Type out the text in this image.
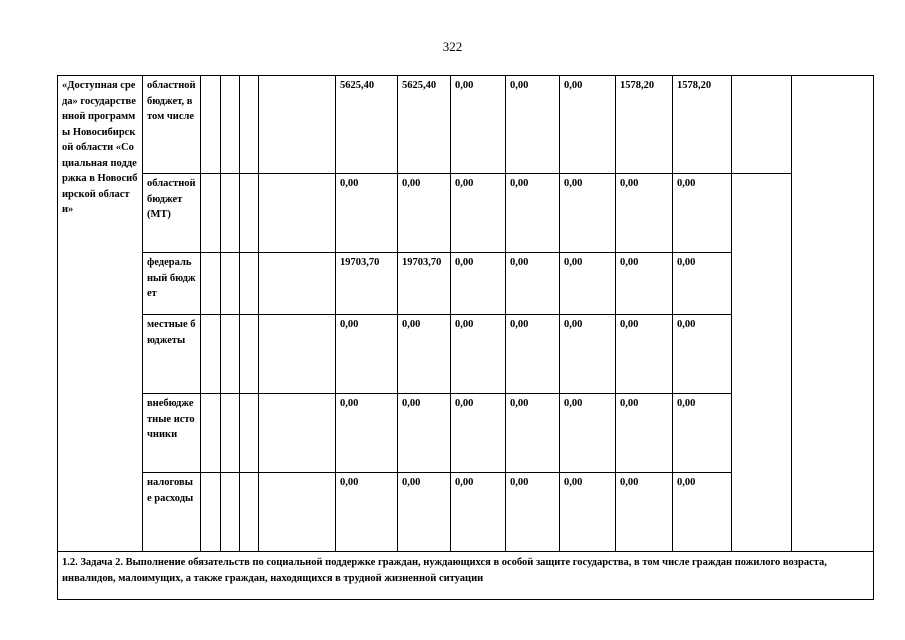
322
«Доступная среда» государственной программы Новосибирской области «Социальная поддержка в Новосибирской области»	областной бюджет, в том числе					5625,40	5625,40	0,00	0,00	0,00	1578,20	1578,20		
	областной бюджет (МТ)					0,00	0,00	0,00	0,00	0,00	0,00	0,00		
	федеральный бюджет					19703,70	19703,70	0,00	0,00	0,00	0,00	0,00		
	местные бюджеты					0,00	0,00	0,00	0,00	0,00	0,00	0,00		
	внебюджетные источники					0,00	0,00	0,00	0,00	0,00	0,00	0,00		
	налоговые расходы					0,00	0,00	0,00	0,00	0,00	0,00	0,00		
1.2. Задача 2. Выполнение обязательств по социальной поддержке граждан, нуждающихся в особой защите государства, в том числе граждан пожилого возраста, инвалидов, малоимущих, а также граждан, находящихся в трудной жизненной ситуации														
